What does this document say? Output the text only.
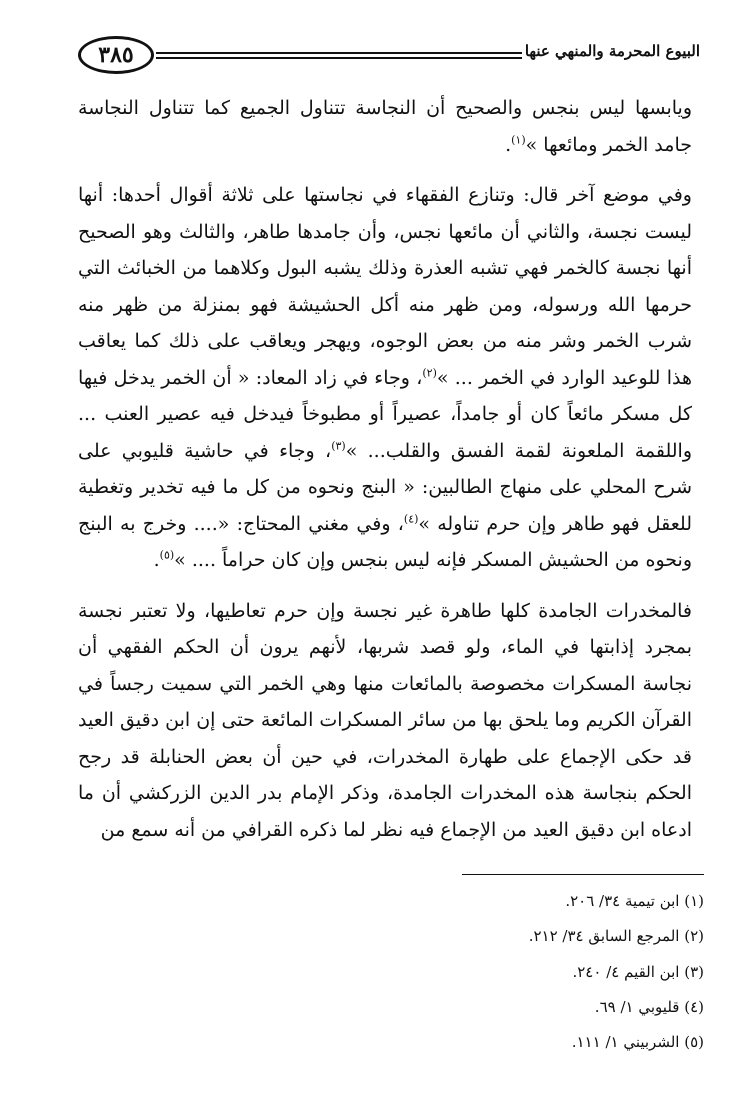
البيوع المحرمة والمنهي عنها
٣٨٥

ويابسها ليس بنجس والصحيح أن النجاسة تتناول الجميع كما تتناول النجاسة جامد الخمر ومائعها »$^{(١)}$.

وفي موضع آخر قال: وتنازع الفقهاء في نجاستها على ثلاثة أقوال أحدها: أنها ليست نجسة، والثاني أن مائعها نجس، وأن جامدها طاهر، والثالث وهو الصحيح أنها نجسة كالخمر فهي تشبه العذرة وذلك يشبه البول وكلاهما من الخبائث التي حرمها الله ورسوله، ومن ظهر منه أكل الحشيشة فهو بمنزلة من ظهر منه شرب الخمر وشر منه من بعض الوجوه، ويهجر ويعاقب على ذلك كما يعاقب هذا للوعيد الوارد في الخمر ... »$^{(٢)}$، وجاء في زاد المعاد: « أن الخمر يدخل فيها كل مسكر مائعاً كان أو جامداً، عصيراً أو مطبوخاً فيدخل فيه عصير العنب ... واللقمة الملعونة لقمة الفسق والقلب... »$^{(٣)}$، وجاء في حاشية قليوبي على شرح المحلي على منهاج الطالبين: « البنج ونحوه من كل ما فيه تخدير وتغطية للعقل فهو طاهر وإن حرم تناوله »$^{(٤)}$، وفي مغني المحتاج: «.... وخرج به البنج ونحوه من الحشيش المسكر فإنه ليس بنجس وإن كان حراماً .... »$^{(٥)}$.

فالمخدرات الجامدة كلها طاهرة غير نجسة وإن حرم تعاطيها، ولا تعتبر نجسة بمجرد إذابتها في الماء، ولو قصد شربها، لأنهم يرون أن الحكم الفقهي أن نجاسة المسكرات مخصوصة بالمائعات منها وهي الخمر التي سميت رجساً في القرآن الكريم وما يلحق بها من سائر المسكرات المائعة حتى إن ابن دقيق العيد قد حكى الإجماع على طهارة المخدرات، في حين أن بعض الحنابلة قد رجح الحكم بنجاسة هذه المخدرات الجامدة، وذكر الإمام بدر الدين الزركشي أن ما ادعاه ابن دقيق العيد من الإجماع فيه نظر لما ذكره القرافي من أنه سمع من

(١) ابن تيمية ٣٤/ ٢٠٦.
(٢) المرجع السابق ٣٤/ ٢١٢.
(٣) ابن القيم ٤/ ٢٤٠.
(٤) قليوبي ١/ ٦٩.
(٥) الشربيني ١/ ١١١.
